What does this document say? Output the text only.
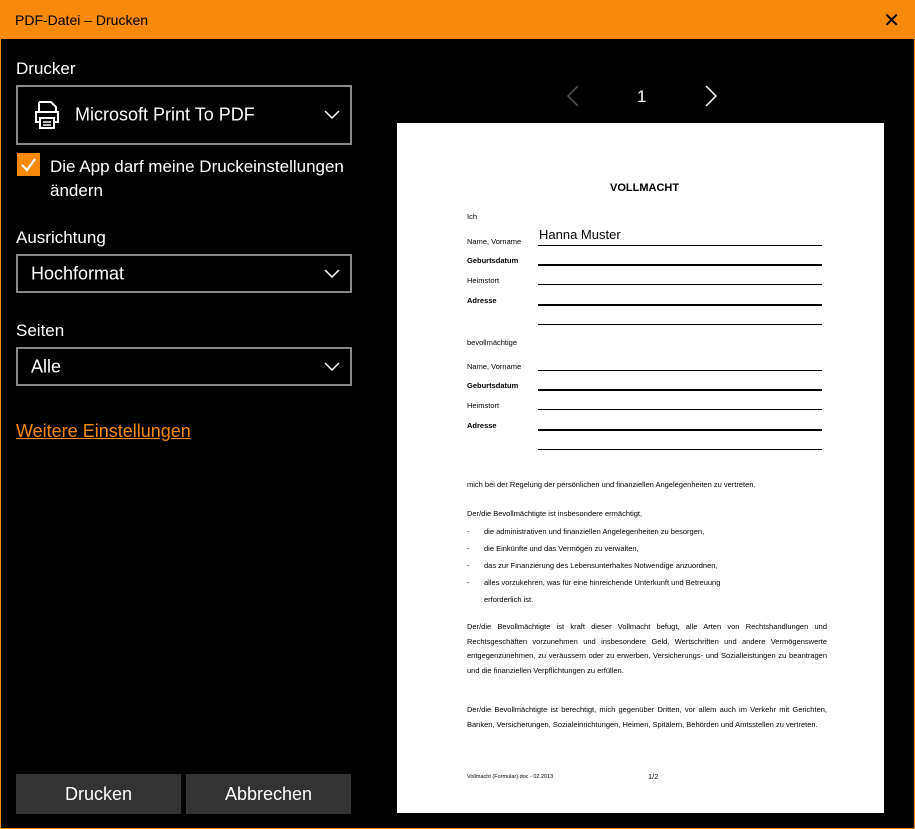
PDF-Datei – Drucken	✕
Drucker
Microsoft Print To PDF
Die App darf meine Druckeinstellungen
ändern
Ausrichtung
Hochformat
Seiten
Alle
Weitere Einstellungen
Drucken	Abbrechen
1
VOLLMACHT
Ich
Name, Vorname Hanna Muster
Geburtsdatum
Heimstort
Adresse
bevollmächtige
Name, Vorname
Geburtsdatum
Heimstort
Adresse
mich bei der Regelung der persönlichen und finanziellen Angelegenheiten zu vertreten.
Der/die Bevollmächtigte ist insbesondere ermächtigt,
- die administrativen und finanziellen Angelegenheiten zu besorgen,
- die Einkünfte und das Vermögen zu verwalten,
- das zur Finanzierung des Lebensunterhaltes Notwendige anzuordnen,
- alles vorzukehren, was für eine hinreichende Unterkunft und Betreuung
erforderlich ist.
Der/die Bevollmächtigte ist kraft dieser Vollmacht befugt, alle Arten von Rechtshandlungen und Rechtsgeschäften vorzunehmen und insbesondere Geld, Wertschriften und andere Vermögenswerte entgegenzunehmen, zu veräussern oder zu erwerben, Versicherungs- und Sozialleistungen zu beantragen und die finanziellen Verpflichtungen zu erfüllen.
Der/die Bevollmächtigte ist berechtigt, mich gegenüber Dritten, vor allem auch im Verkehr mit Gerichten, Banken, Versicherungen, Sozialeinrichtungen, Heimen, Spitälern, Behörden und Amtsstellen zu vertreten.
Vollmacht (Formular).doc - 02.2013	1/2
